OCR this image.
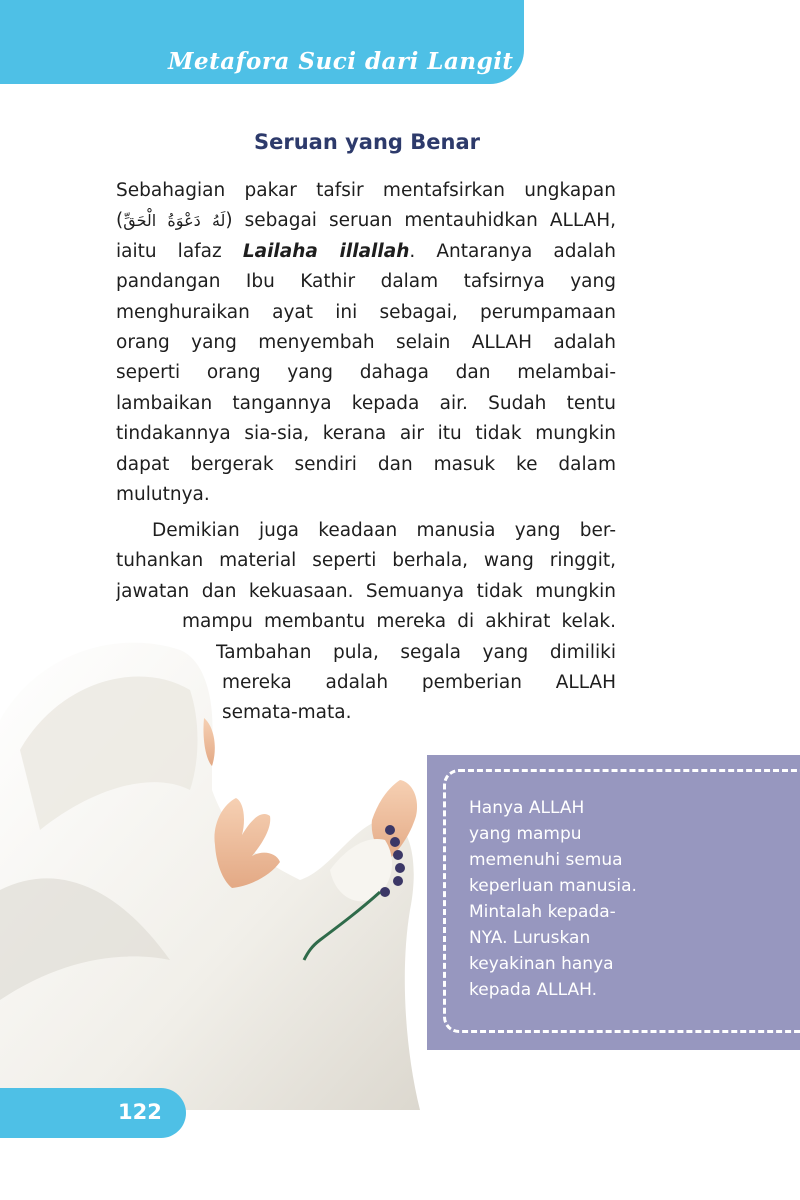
Metafora Suci dari Langit
Seruan yang Benar
Sebahagian pakar tafsir mentafsirkan ungkapan
(لَهُ دَعْوَةُ الْحَقِّ) sebagai seruan mentauhidkan ALLAH,
iaitu lafaz Lailaha illallah. Antaranya adalah
pandangan Ibu Kathir dalam tafsirnya yang
menghuraikan ayat ini sebagai, perumpamaan
orang yang menyembah selain ALLAH adalah
seperti orang yang dahaga dan melambai-
lambaikan tangannya kepada air. Sudah tentu
tindakannya sia-sia, kerana air itu tidak mungkin
dapat bergerak sendiri dan masuk ke dalam
mulutnya.
Demikian juga keadaan manusia yang ber-
tuhankan material seperti berhala, wang ringgit,
jawatan dan kekuasaan. Semuanya tidak mungkin
mampu membantu mereka di akhirat kelak.
Tambahan pula, segala yang dimiliki
mereka adalah pemberian ALLAH
semata-mata.
Hanya ALLAH
yang mampu
memenuhi semua
keperluan manusia.
Mintalah kepada-
NYA. Luruskan
keyakinan hanya
kepada ALLAH.
122
